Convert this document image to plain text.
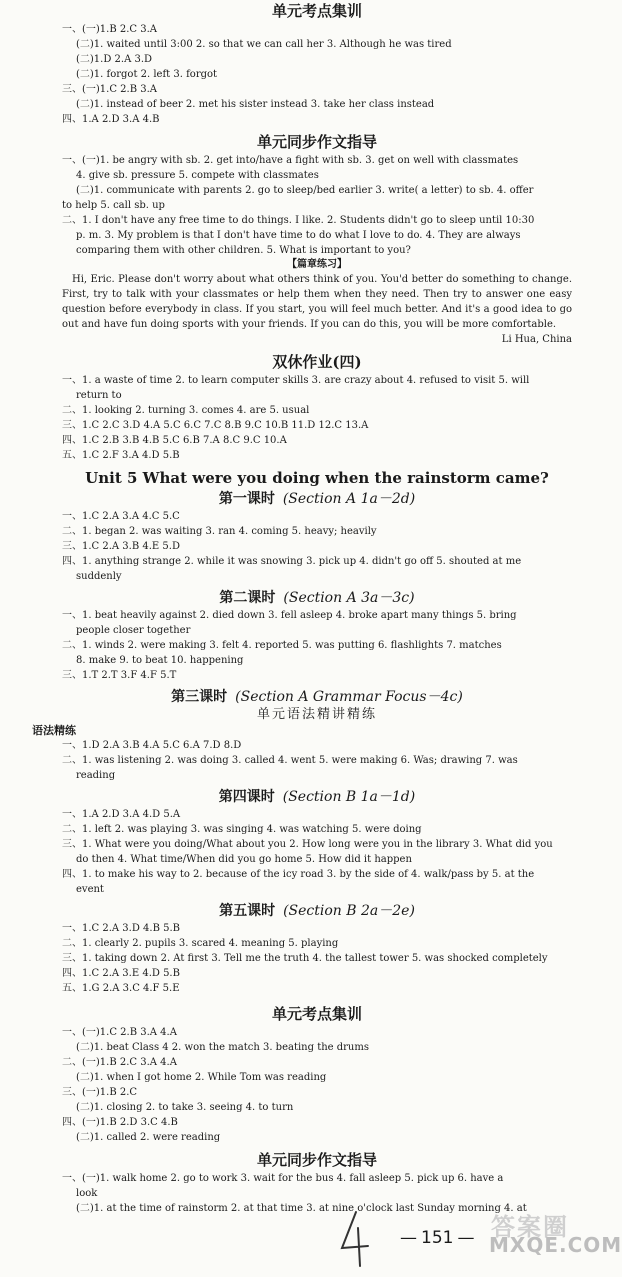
单元考点集训
一、(一)1.B 2.C 3.A
(二)1. waited until 3:00 2. so that we can call her 3. Although he was tired
(二)1.D 2.A 3.D
(二)1. forgot 2. left 3. forgot
三、(一)1.C 2.B 3.A
(二)1. instead of beer 2. met his sister instead 3. take her class instead
四、1.A 2.D 3.A 4.B
单元同步作文指导
一、(一)1. be angry with sb. 2. get into/have a fight with sb. 3. get on well with classmates
4. give sb. pressure 5. compete with classmates
(二)1. communicate with parents 2. go to sleep/bed earlier 3. write( a letter) to sb. 4. offer
to help 5. call sb. up
二、1. I don't have any free time to do things. I like. 2. Students didn't go to sleep until 10:30
p. m. 3. My problem is that I don't have time to do what I love to do. 4. They are always
comparing them with other children. 5. What is important to you?
【篇章练习】
Hi, Eric. Please don't worry about what others think of you. You'd better do something to change. First, try to talk with your classmates or help them when they need. Then try to answer one easy question before everybody in class. If you start, you will feel much better. And it's a good idea to go out and have fun doing sports with your friends. If you can do this, you will be more comfortable.
Li Hua, China
双休作业(四)
一、1. a waste of time 2. to learn computer skills 3. are crazy about 4. refused to visit 5. will
return to
二、1. looking 2. turning 3. comes 4. are 5. usual
三、1.C 2.C 3.D 4.A 5.C 6.C 7.C 8.B 9.C 10.B 11.D 12.C 13.A
四、1.C 2.B 3.B 4.B 5.C 6.B 7.A 8.C 9.C 10.A
五、1.C 2.F 3.A 4.D 5.B
Unit 5 What were you doing when the rainstorm came?
第一课时 (Section A 1a－2d)
一、1.C 2.A 3.A 4.C 5.C
二、1. began 2. was waiting 3. ran 4. coming 5. heavy; heavily
三、1.C 2.A 3.B 4.E 5.D
四、1. anything strange 2. while it was snowing 3. pick up 4. didn't go off 5. shouted at me
suddenly
第二课时 (Section A 3a－3c)
一、1. beat heavily against 2. died down 3. fell asleep 4. broke apart many things 5. bring
people closer together
二、1. winds 2. were making 3. felt 4. reported 5. was putting 6. flashlights 7. matches
8. make 9. to beat 10. happening
三、1.T 2.T 3.F 4.F 5.T
第三课时 (Section A Grammar Focus－4c)
单元语法精讲精练
语法精练
一、1.D 2.A 3.B 4.A 5.C 6.A 7.D 8.D
二、1. was listening 2. was doing 3. called 4. went 5. were making 6. Was; drawing 7. was
reading
第四课时 (Section B 1a－1d)
一、1.A 2.D 3.A 4.D 5.A
二、1. left 2. was playing 3. was singing 4. was watching 5. were doing
三、1. What were you doing/What about you 2. How long were you in the library 3. What did you
do then 4. What time/When did you go home 5. How did it happen
四、1. to make his way to 2. because of the icy road 3. by the side of 4. walk/pass by 5. at the
event
第五课时 (Section B 2a－2e)
一、1.C 2.A 3.D 4.B 5.B
二、1. clearly 2. pupils 3. scared 4. meaning 5. playing
三、1. taking down 2. At first 3. Tell me the truth 4. the tallest tower 5. was shocked completely
四、1.C 2.A 3.E 4.D 5.B
五、1.G 2.A 3.C 4.F 5.E
单元考点集训
一、(一)1.C 2.B 3.A 4.A
(二)1. beat Class 4 2. won the match 3. beating the drums
二、(一)1.B 2.C 3.A 4.A
(二)1. when I got home 2. While Tom was reading
三、(一)1.B 2.C
(二)1. closing 2. to take 3. seeing 4. to turn
四、(一)1.B 2.D 3.C 4.B
(二)1. called 2. were reading
单元同步作文指导
一、(一)1. walk home 2. go to work 3. wait for the bus 4. fall asleep 5. pick up 6. have a
look
(二)1. at the time of rainstorm 2. at that time 3. at nine o'clock last Sunday morning 4. at
— 151 —	答案圈
MXQE.COM
